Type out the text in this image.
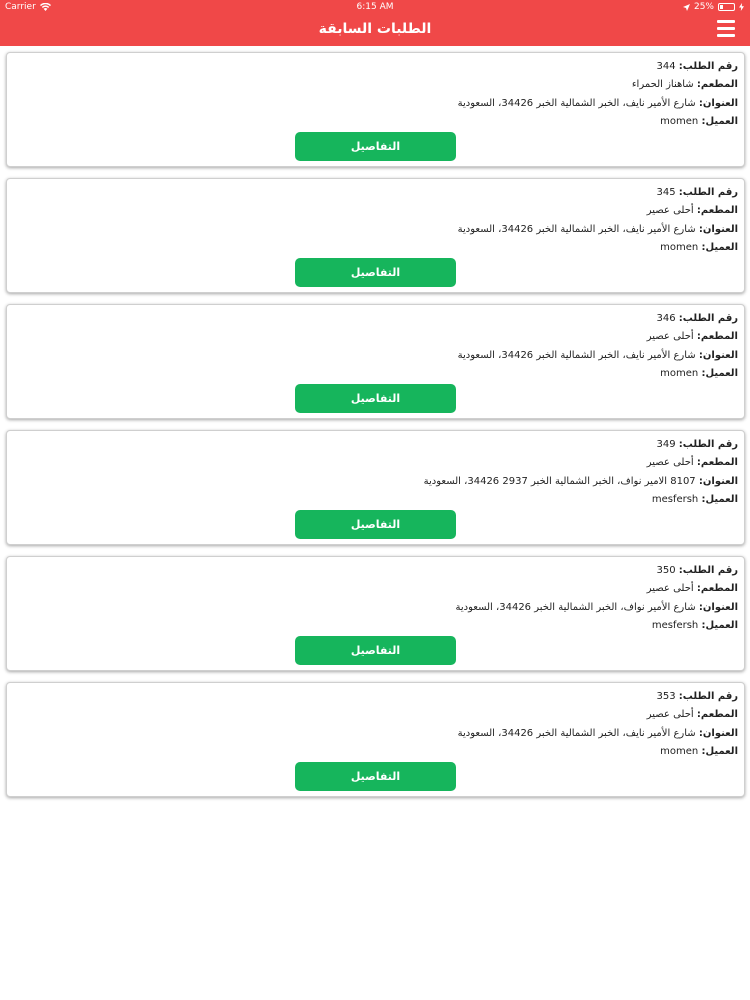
Carrier	6:15 AM	25%
الطلبات السابقة
رقم الطلب: 344
المطعم: شاهناز الحمراء
العنوان: شارع الأمير نايف، الخبر الشمالية الخبر 34426، السعودية
العميل: momen
التفاصيل
رقم الطلب: 345
المطعم: أحلى عصير
العنوان: شارع الأمير نايف، الخبر الشمالية الخبر 34426، السعودية
العميل: momen
التفاصيل
رقم الطلب: 346
المطعم: أحلى عصير
العنوان: شارع الأمير نايف، الخبر الشمالية الخبر 34426، السعودية
العميل: momen
التفاصيل
رقم الطلب: 349
المطعم: أحلى عصير
العنوان: 8107 الامير نواف، الخبر الشمالية الخبر 2937 34426، السعودية
العميل: mesfersh
التفاصيل
رقم الطلب: 350
المطعم: أحلى عصير
العنوان: شارع الأمير نواف، الخبر الشمالية الخبر 34426، السعودية
العميل: mesfersh
التفاصيل
رقم الطلب: 353
المطعم: أحلى عصير
العنوان: شارع الأمير نايف، الخبر الشمالية الخبر 34426، السعودية
العميل: momen
التفاصيل
